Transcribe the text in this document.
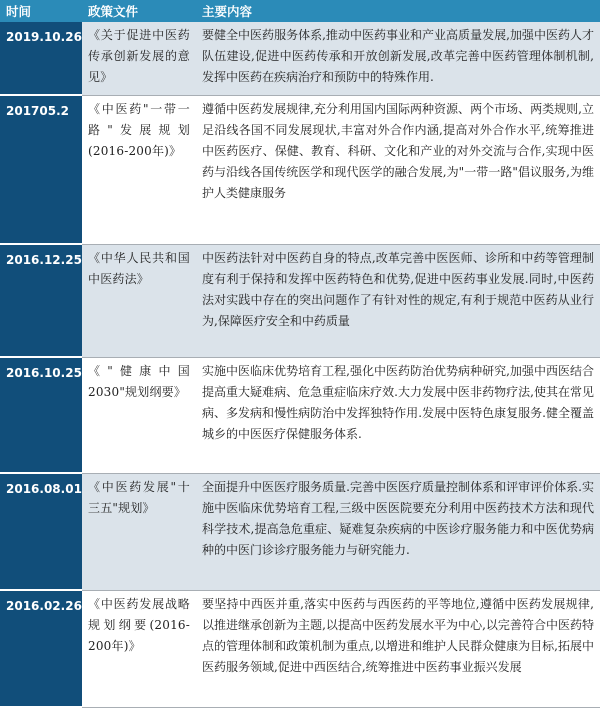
时间	政策文件	主要内容
2019.10.26	《关于促进中医药传承创新发展的意见》	要健全中医药服务体系,推动中医药事业和产业高质量发展,加强中医药人才队伍建设,促进中医药传承和开放创新发展,改革完善中医药管理体制机制,发挥中医药在疾病治疗和预防中的特殊作用.
201705.2	《中医药"一带一路"发展规划(2016-200年)》	遵循中医药发展规律,充分利用国内国际两种资源、两个市场、两类规则,立足沿线各国不同发展现状,丰富对外合作内涵,提高对外合作水平,统筹推进中医药医疗、保健、教育、科研、文化和产业的对外交流与合作,实现中医药与沿线各国传统医学和现代医学的融合发展,为"一带一路"倡议服务,为维护人类健康服务
2016.12.25	《中华人民共和国中医药法》	中医药法针对中医药自身的特点,改革完善中医医师、诊所和中药等管理制度有利于保持和发挥中医药特色和优势,促进中医药事业发展.同时,中医药法对实践中存在的突出问题作了有针对性的规定,有利于规范中医药从业行为,保障医疗安全和中药质量
2016.10.25	《"健康中国2030"规划纲要》	实施中医临床优势培育工程,强化中医药防治优势病种研究,加强中西医结合提高重大疑难病、危急重症临床疗效.大力发展中医非药物疗法,使其在常见病、多发病和慢性病防治中发挥独特作用.发展中医特色康复服务.健全覆盖城乡的中医医疗保健服务体系.
2016.08.01	《中医药发展"十三五"规划》	全面提升中医医疗服务质量.完善中医医疗质量控制体系和评审评价体系.实施中医临床优势培育工程,三级中医医院要充分利用中医药技术方法和现代科学技术,提高急危重症、疑难复杂疾病的中医诊疗服务能力和中医优势病种的中医门诊诊疗服务能力与研究能力.
2016.02.26	《中医药发展战略规划纲要(2016-200年)》	要坚持中西医并重,落实中医药与西医药的平等地位,遵循中医药发展规律,以推进继承创新为主题,以提高中医药发展水平为中心,以完善符合中医药特点的管理体制和政策机制为重点,以增进和维护人民群众健康为目标,拓展中医药服务领域,促进中西医结合,统筹推进中医药事业振兴发展
